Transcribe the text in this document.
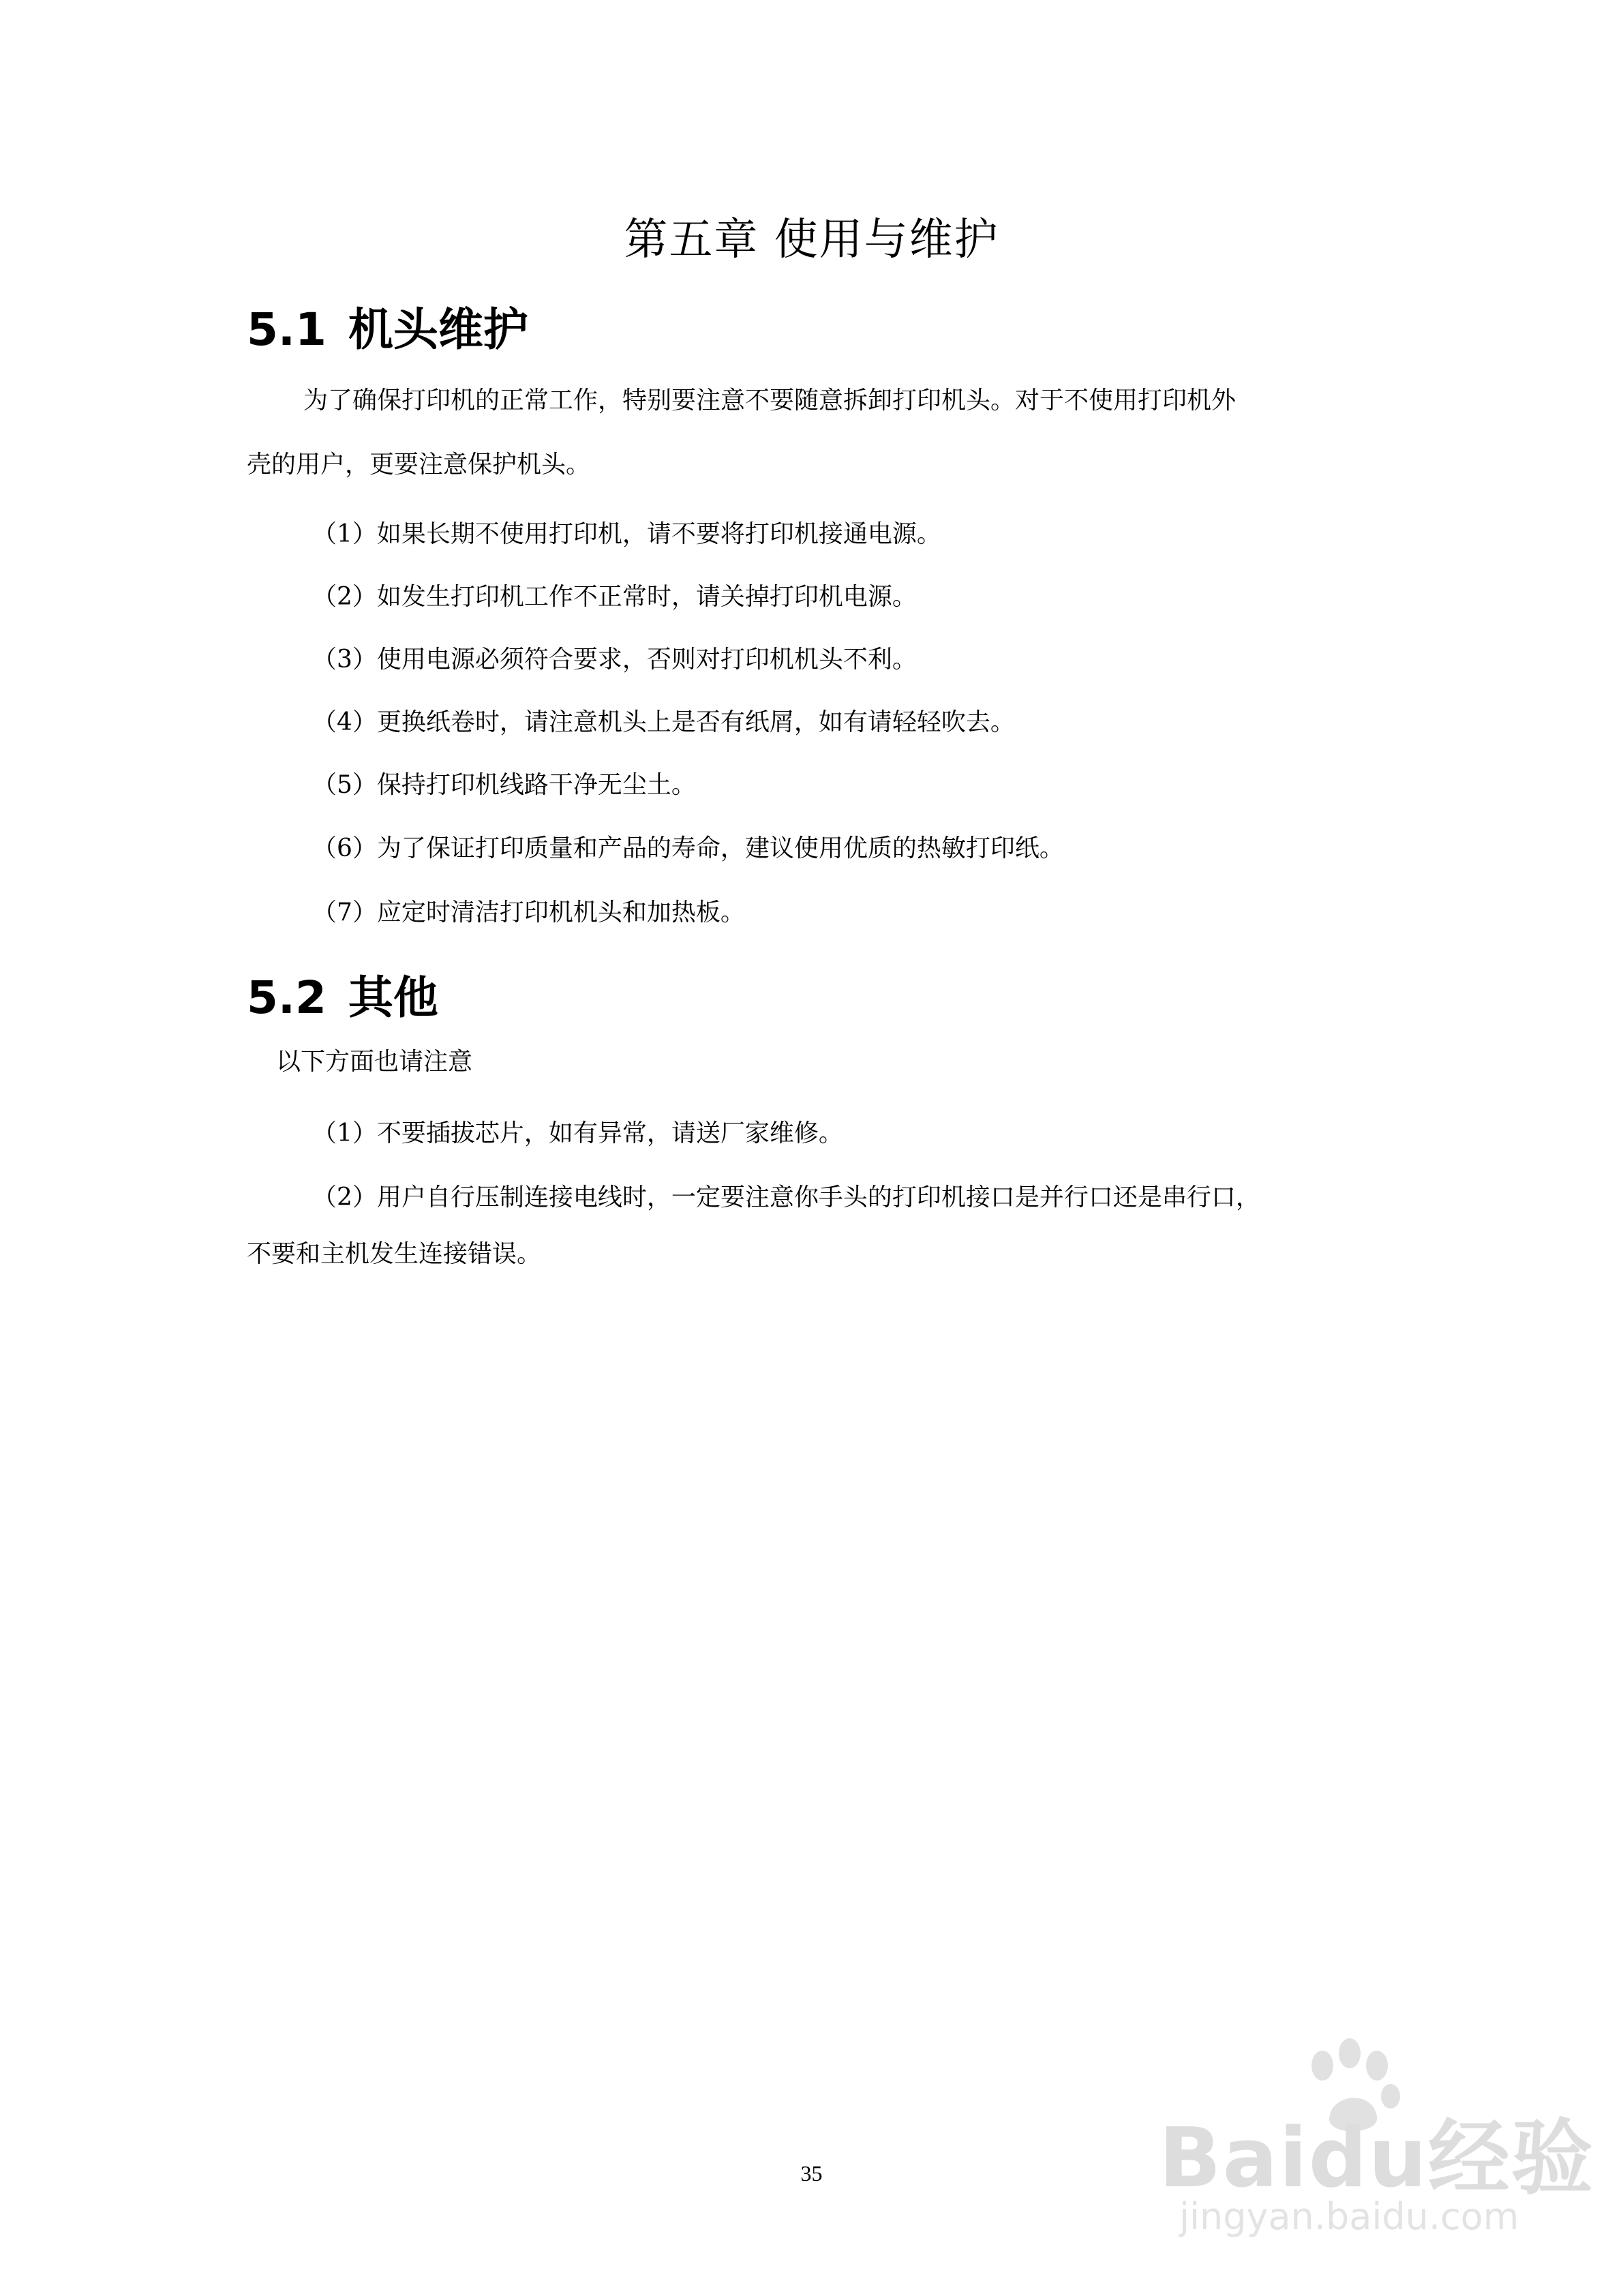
第五章 使用与维护
5.1 机头维护

为了确保打印机的正常工作，特别要注意不要随意拆卸打印机头。对于不使用打印机外

壳的用户，更要注意保护机头。

（1）如果长期不使用打印机，请不要将打印机接通电源。

（2）如发生打印机工作不正常时，请关掉打印机电源。

（3）使用电源必须符合要求，否则对打印机机头不利。

（4）更换纸卷时，请注意机头上是否有纸屑，如有请轻轻吹去。

（5）保持打印机线路干净无尘土。

（6）为了保证打印质量和产品的寿命，建议使用优质的热敏打印纸。

（7）应定时清洁打印机机头和加热板。

5.2 其他

以下方面也请注意

（1）不要插拔芯片，如有异常，请送厂家维修。

（2）用户自行压制连接电线时，一定要注意你手头的打印机接口是并行口还是串行口，

不要和主机发生连接错误。

35	Baidu经验
jingyan.baidu.com
